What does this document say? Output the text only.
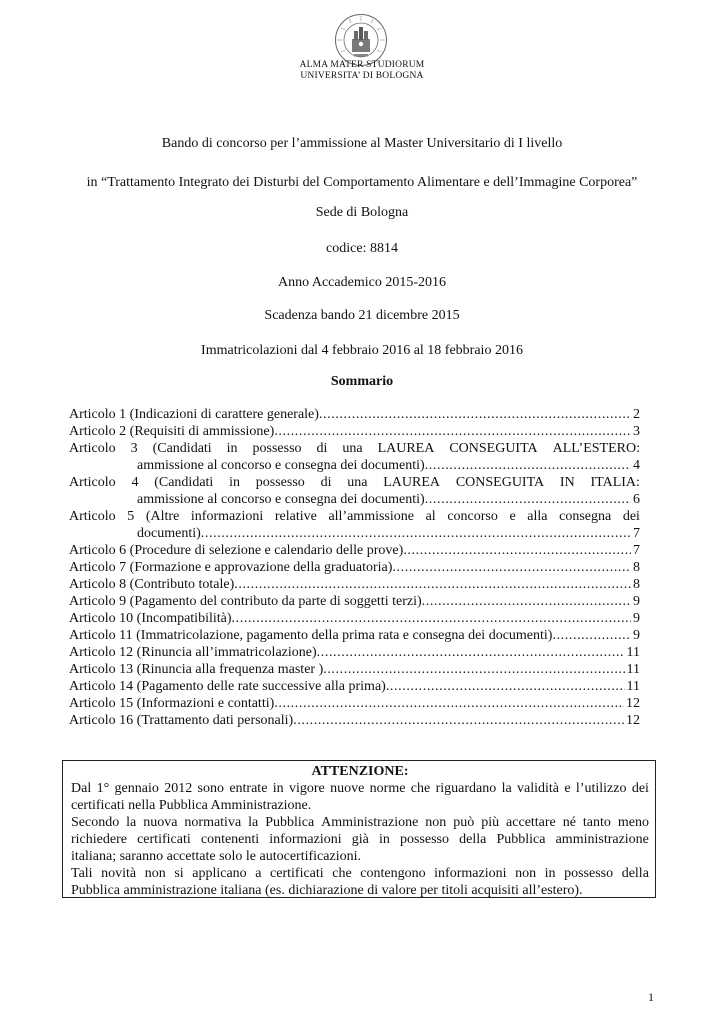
ALMA MATER STUDIORUM
UNIVERSITA’ DI BOLOGNA
Bando di concorso per l’ammissione al Master Universitario di I livello
in “Trattamento Integrato dei Disturbi del Comportamento Alimentare e dell’Immagine Corporea”
Sede di Bologna
codice: 8814
Anno Accademico 2015-2016
Scadenza bando 21 dicembre 2015
Immatricolazioni dal 4 febbraio 2016 al 18 febbraio 2016
Sommario
Articolo 1 (Indicazioni di carattere generale) .....	2
Articolo 2 (Requisiti di ammissione) .....	3
Articolo 3 (Candidati in possesso di una LAUREA CONSEGUITA ALL’ESTERO:
ammissione al concorso e consegna dei documenti) .....	4
Articolo 4 (Candidati in possesso di una LAUREA CONSEGUITA IN ITALIA:
ammissione al concorso e consegna dei documenti) .....	6
Articolo 5 (Altre informazioni relative all’ammissione al concorso e alla consegna dei
documenti) .....	7
Articolo 6 (Procedure di selezione e calendario delle prove) .....	7
Articolo 7 (Formazione e approvazione della graduatoria) .....	8
Articolo 8 (Contributo totale) .....	8
Articolo 9 (Pagamento del contributo da parte di soggetti terzi) .....	9
Articolo 10 (Incompatibilità) .....	9
Articolo 11 (Immatricolazione, pagamento della prima rata e consegna dei documenti) .....	9
Articolo 12 (Rinuncia all’immatricolazione) .....	11
Articolo 13 (Rinuncia alla frequenza master ) .....	11
Articolo 14 (Pagamento delle rate successive alla prima) .....	11
Articolo 15 (Informazioni e contatti) .....	12
Articolo 16 (Trattamento dati personali) .....	12
ATTENZIONE:
Dal 1° gennaio 2012 sono entrate in vigore nuove norme che riguardano la validità e l’utilizzo dei
certificati nella Pubblica Amministrazione.
Secondo la nuova normativa la Pubblica Amministrazione non può più accettare né tanto meno
richiedere certificati contenenti informazioni già in possesso della Pubblica amministrazione
italiana; saranno accettate solo le autocertificazioni.
Tali novità non si applicano a certificati che contengono informazioni non in possesso della
Pubblica amministrazione italiana (es. dichiarazione di valore per titoli acquisiti all’estero).
1
